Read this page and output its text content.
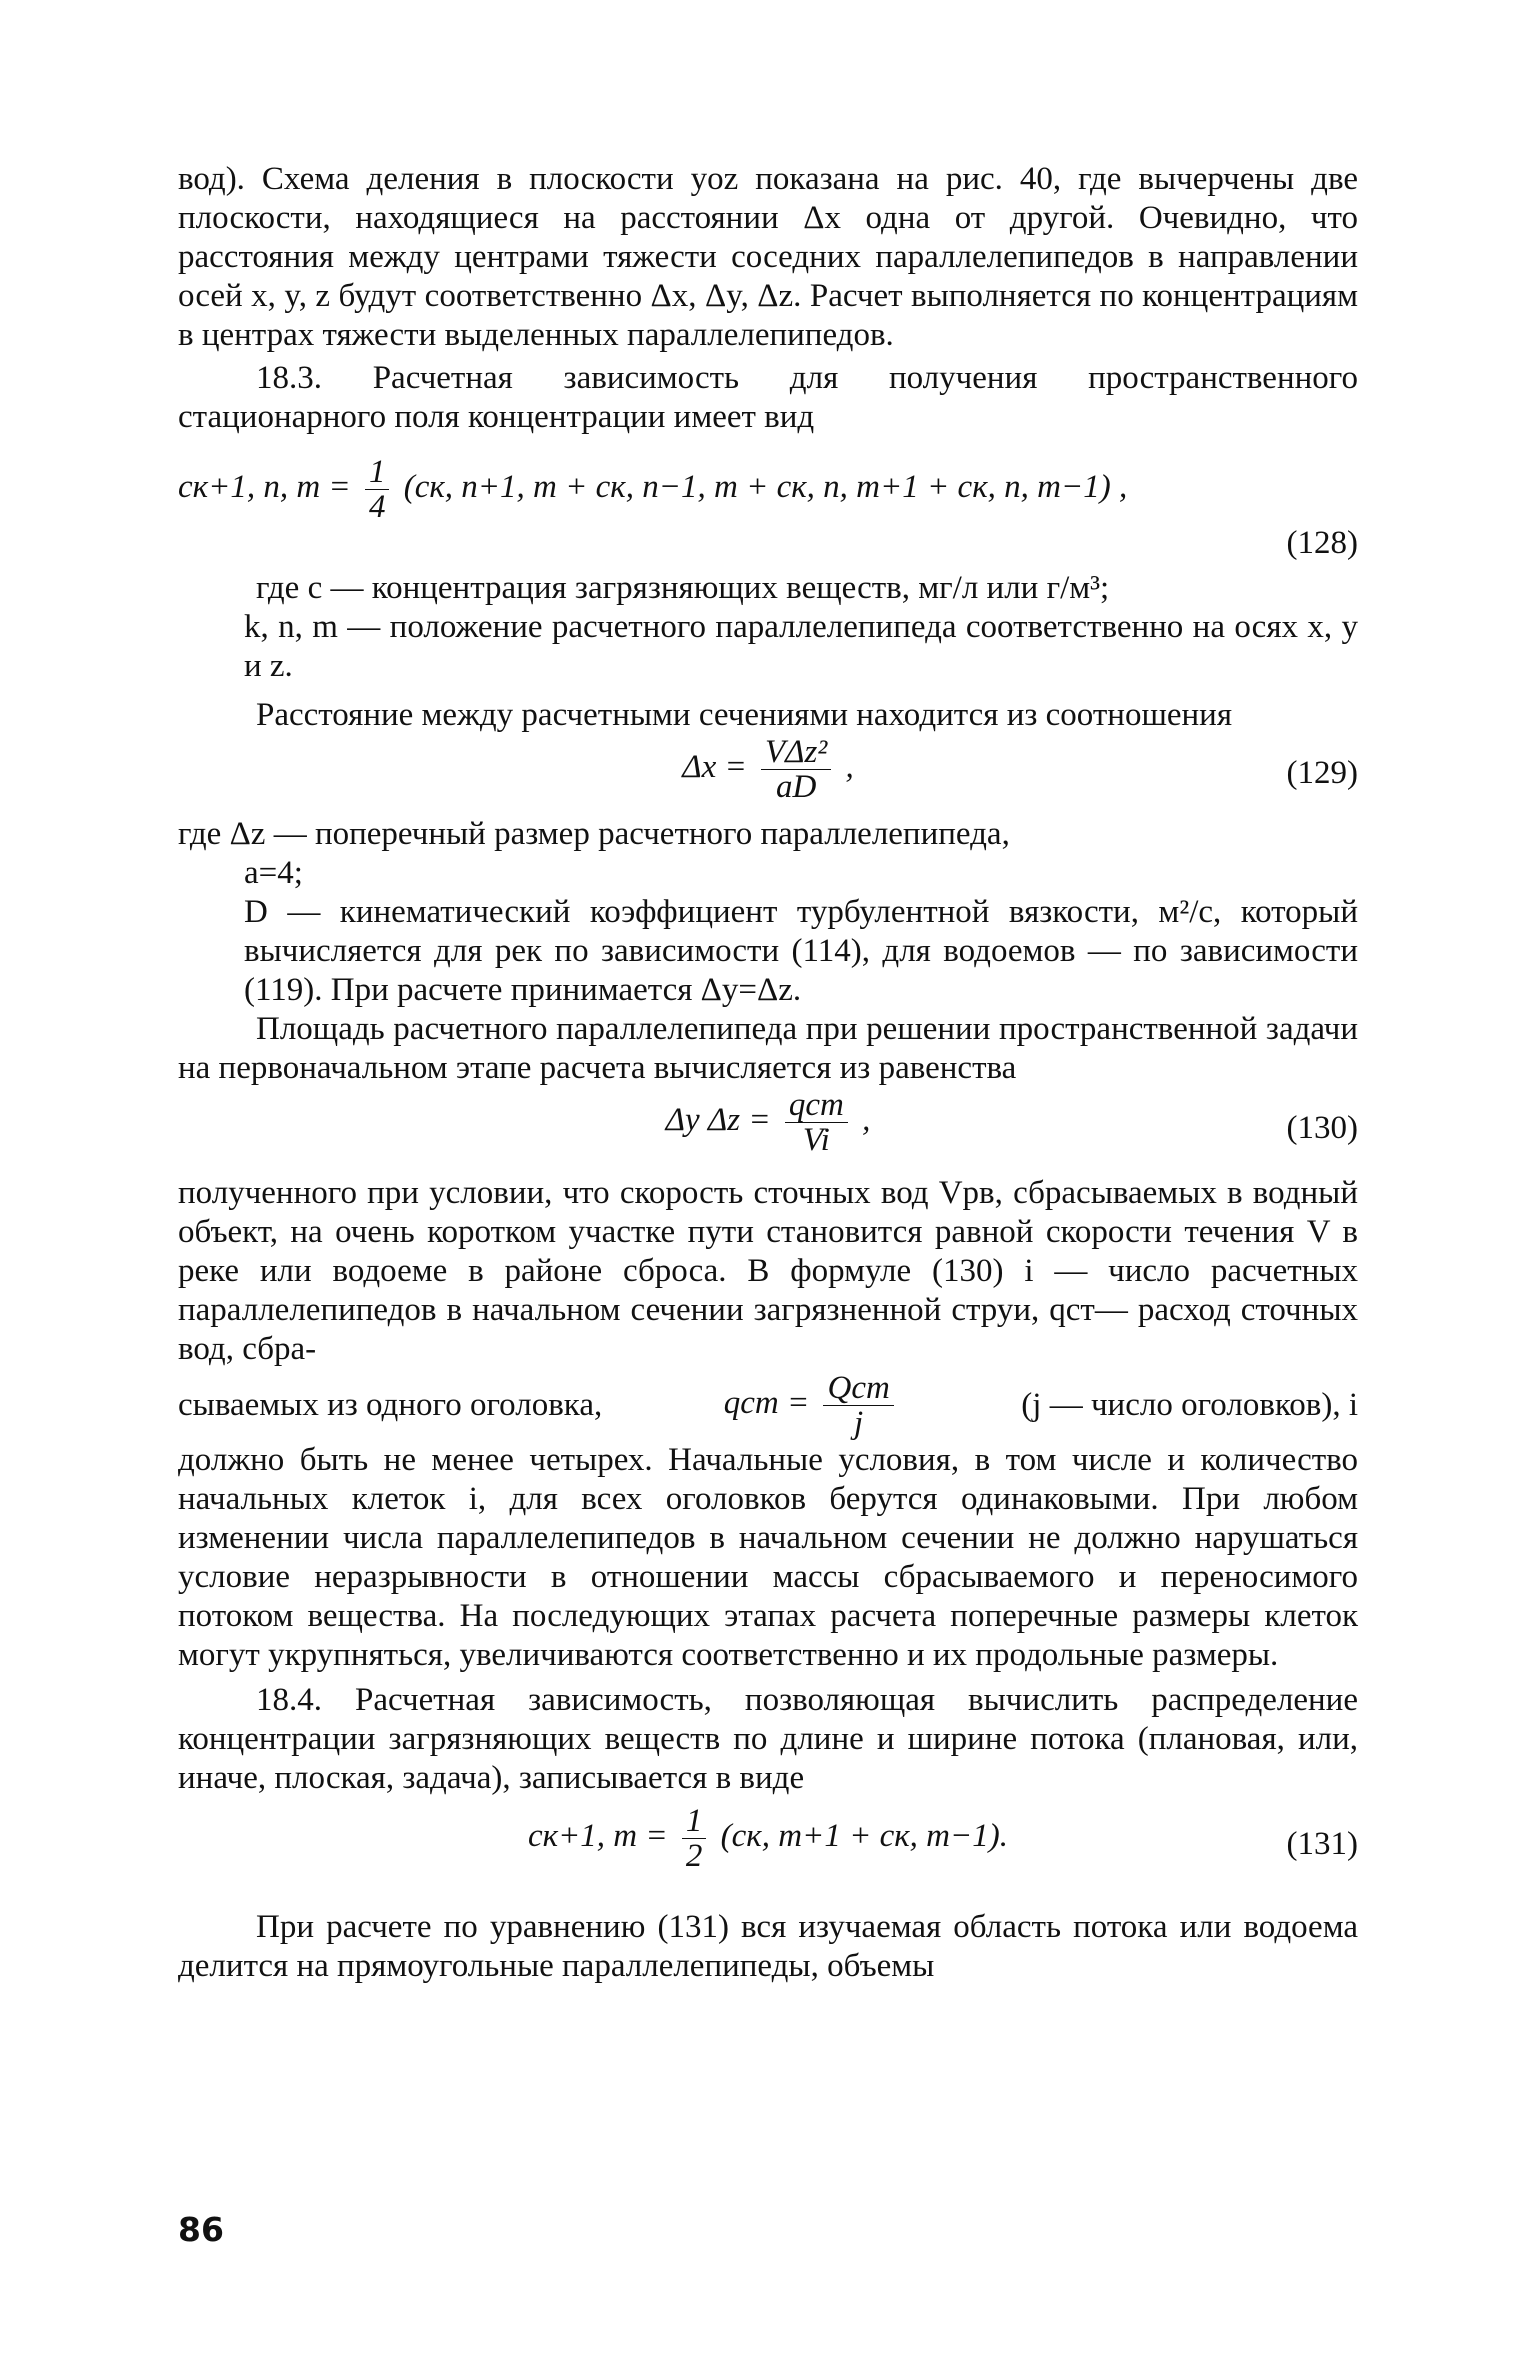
вод). Схема деления в плоскости yoz показана на рис. 40, где вычерчены две плоскости, находящиеся на расстоянии Δx одна от другой. Очевидно, что расстояния между центрами тяжести соседних параллелепипедов в направлении осей x, y, z будут соответственно Δx, Δy, Δz. Расчет выполняется по концентрациям в центрах тяжести выделенных параллелепипедов.

18.3. Расчетная зависимость для получения пространственного стационарного поля концентрации имеет вид

cк+1, n, $m = \frac{1}{4} (cк$, n+1, m + cк, n−1, m + cк, n, m+1 + cк, n, m−1) ,
(128)

где c — концентрация загрязняющих веществ, мг/л или г/м³;

k, n, m — положение расчетного параллелепипеда соответственно на осях x, y и z.

Расстояние между расчетными сечениями находится из соотношения

$\Delta x = \frac{\text{VΔz²}}{aD}$ ,	(129)

где Δz — поперечный размер расчетного параллелепипеда,

a=4;

D — кинематический коэффициент турбулентной вязкости, м²/с, который вычисляется для рек по зависимости (114), для водоемов — по зависимости (119). При расчете принимается Δy=Δz.

Площадь расчетного параллелепипеда при решении пространственной задачи на первоначальном этапе расчета вычисляется из равенства

Δy $\Delta z = \frac{\text{qст}}{Vi}$ ,	(130)

полученного при условии, что скорость сточных вод Vрв, сбрасываемых в водный объект, на очень коротком участке пути становится равной скорости течения V в реке или водоеме в районе сброса. В формуле (130) i — число расчетных параллелепипедов в начальном сечении загрязненной струи, qст— расход сточных вод, сбра-

сываемых из одного оголовка,	qст = $\frac{\text{Qст}}{j}$	(j — число оголовков), i

должно быть не менее четырех. Начальные условия, в том числе и количество начальных клеток i, для всех оголовков берутся одинаковыми. При любом изменении числа параллелепипедов в начальном сечении не должно нарушаться условие неразрывности в отношении массы сбрасываемого и переносимого потоком вещества. На последующих этапах расчета поперечные размеры клеток могут укрупняться, увеличиваются соответственно и их продольные размеры.

18.4. Расчетная зависимость, позволяющая вычислить распределение концентрации загрязняющих веществ по длине и ширине потока (плановая, или, иначе, плоская, задача), записывается в виде

cк+1, $m = \frac{1}{2} (cк$, m+1 + cк, m−1).	(131)

При расчете по уравнению (131) вся изучаемая область потока или водоема делится на прямоугольные параллелепипеды, объемы

86
